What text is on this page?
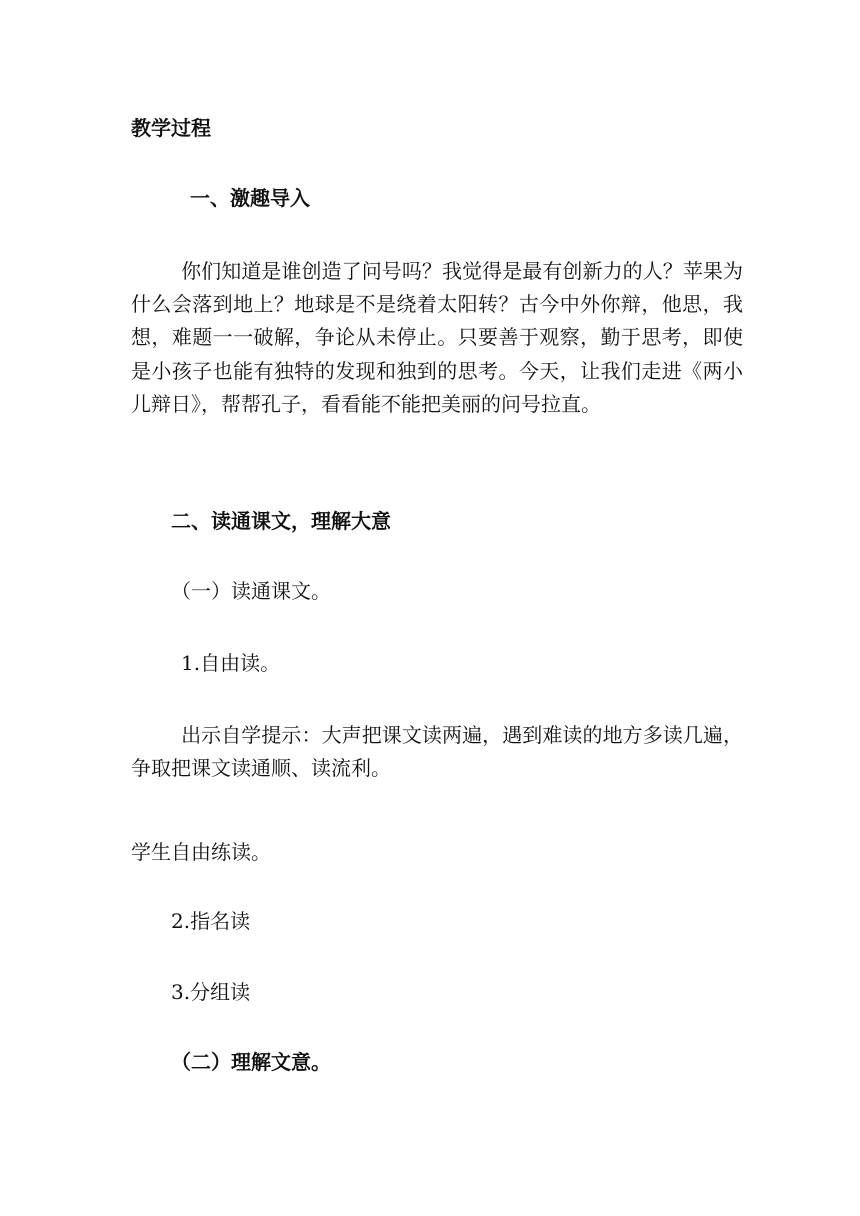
教学过程
一、激趣导入
你们知道是谁创造了问号吗？我觉得是最有创新力的人？苹果为什么会落到地上？地球是不是绕着太阳转？古今中外你辩，他思，我想，难题一一破解，争论从未停止。只要善于观察，勤于思考，即使是小孩子也能有独特的发现和独到的思考。今天，让我们走进《两小儿辩日》，帮帮孔子，看看能不能把美丽的问号拉直。
二、读通课文，理解大意
（一）读通课文。
1.自由读。
出示自学提示：大声把课文读两遍，遇到难读的地方多读几遍，争取把课文读通顺、读流利。
学生自由练读。
2.指名读
3.分组读
（二）理解文意。
